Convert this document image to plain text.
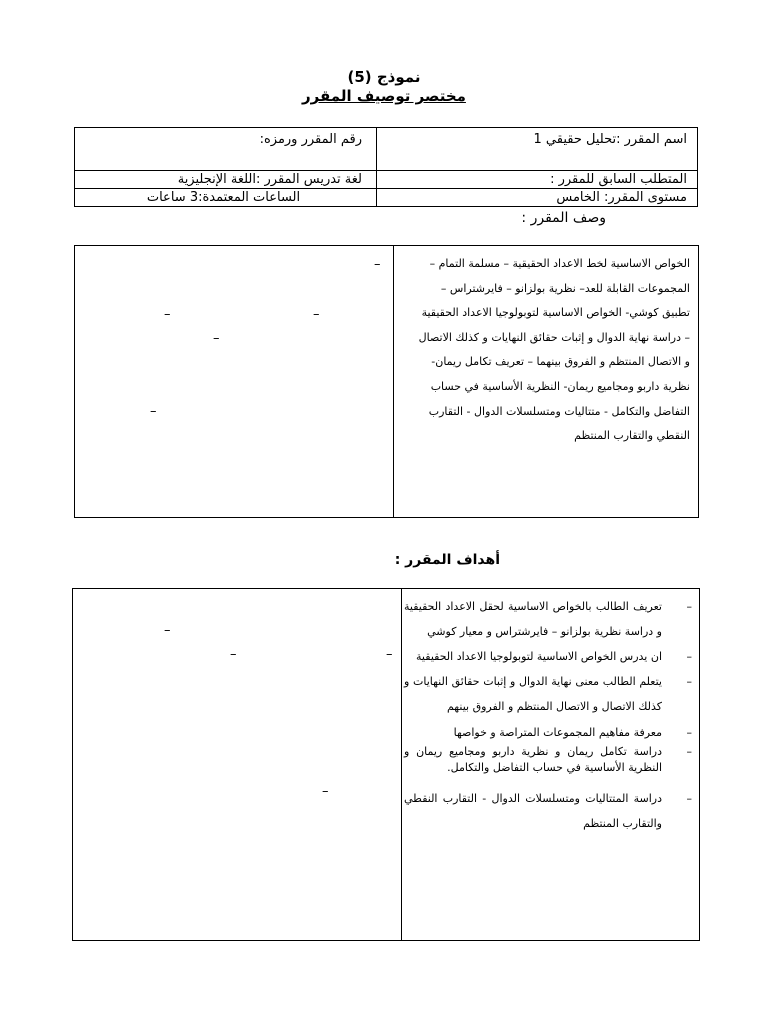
نموذج (5)
مختصر توصيف المقرر
اسم المقرر :تحليل حقيقي 1	رقم المقرر ورمزه:
المتطلب السابق للمقرر :	لغة تدريس المقرر :اللغة الإنجليزية
مستوى المقرر: الخامس	الساعات المعتمدة:3 ساعات
وصف المقرر :
الخواص الاساسية لخط الاعداد الحقيقية – مسلمة التمام –
المجموعات القابلة للعد– نظرية بولزانو – فايرشتراس –
تطبيق كوشي- الخواص الاساسية لتوبولوجيا الاعداد الحقيقية
– دراسة نهاية الدوال و إثبات حقائق النهايات و كذلك الاتصال
و الاتصال المنتظم و الفروق بينهما – تعريف تكامل ريمان-
نظرية داربو ومجاميع ريمان- النظرية الأساسية في حساب
التفاضل والتكامل - متتاليات ومتسلسلات الدوال - التقارب
النقطي والتقارب المنتظم
–
–	–
–
–
أهداف المقرر :
–
تعريف الطالب بالخواص الاساسية لحقل الاعداد الحقيقية و دراسة نظرية بولزانو – فايرشتراس و معيار كوشي
–
ان يدرس الخواص الاساسية لتوبولوجيا الاعداد الحقيقية
–
يتعلم الطالب معنى نهاية الدوال و إثبات حقائق النهايات و كذلك الاتصال و الاتصال المنتظم و الفروق بينهم
–
معرفة مفاهيم المجموعات المتراصة و خواصها
–
دراسة تكامل ريمان و نظرية داربو ومجاميع ريمان و النظرية الأساسية في حساب التفاضل والتكامل.
–
دراسة المتتاليات ومتسلسلات الدوال - التقارب النقطي والتقارب المنتظم
–
–	–
–
